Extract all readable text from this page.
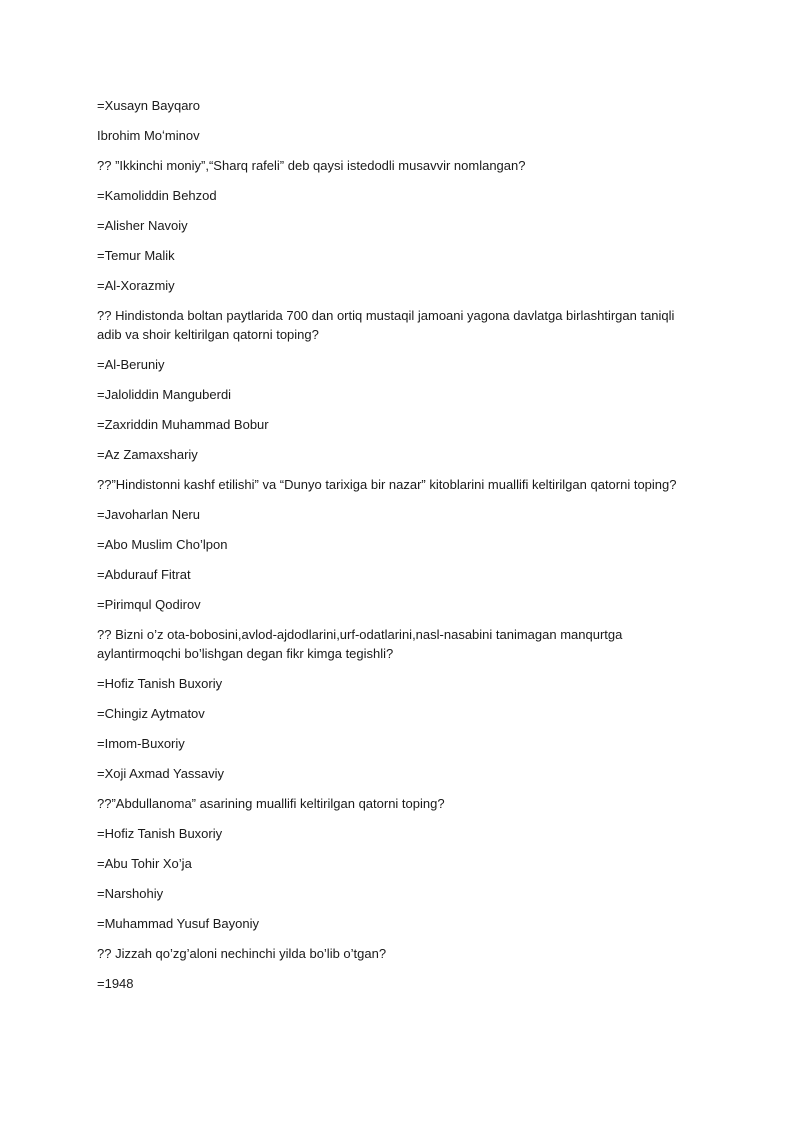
=Xusayn Bayqaro

Ibrohim Moʻminov

?? ”Ikkinchi moniy”,“Sharq rafeli” deb qaysi istedodli musavvir nomlangan?

=Kamoliddin Behzod

=Alisher Navoiy

=Temur Malik

=Al-Xorazmiy

?? Hindistonda boltan paytlarida 700 dan ortiq mustaqil jamoani yagona davlatga birlashtirgan taniqli adib va shoir keltirilgan qatorni toping?

=Al-Beruniy

=Jaloliddin Manguberdi

=Zaxriddin Muhammad Bobur

=Az Zamaxshariy

??”Hindistonni kashf etilishi” va “Dunyo tarixiga bir nazar” kitoblarini muallifi keltirilgan qatorni toping?

=Javoharlan Neru

=Abo Muslim Cho’lpon

=Abdurauf Fitrat

=Pirimqul Qodirov

?? Bizni o’z ota-bobosini,avlod-ajdodlarini,urf-odatlarini,nasl-nasabini tanimagan manqurtga aylantirmoqchi bo’lishgan degan fikr kimga tegishli?

=Hofiz Tanish Buxoriy

=Chingiz Aytmatov

=Imom-Buxoriy

=Xoji Axmad Yassaviy

??”Abdullanoma” asarining muallifi keltirilgan qatorni toping?

=Hofiz Tanish Buxoriy

=Abu Tohir Xo’ja

=Narshohiy

=Muhammad Yusuf Bayoniy

?? Jizzah qo’zg’aloni nechinchi yilda bo’lib o’tgan?

=1948
